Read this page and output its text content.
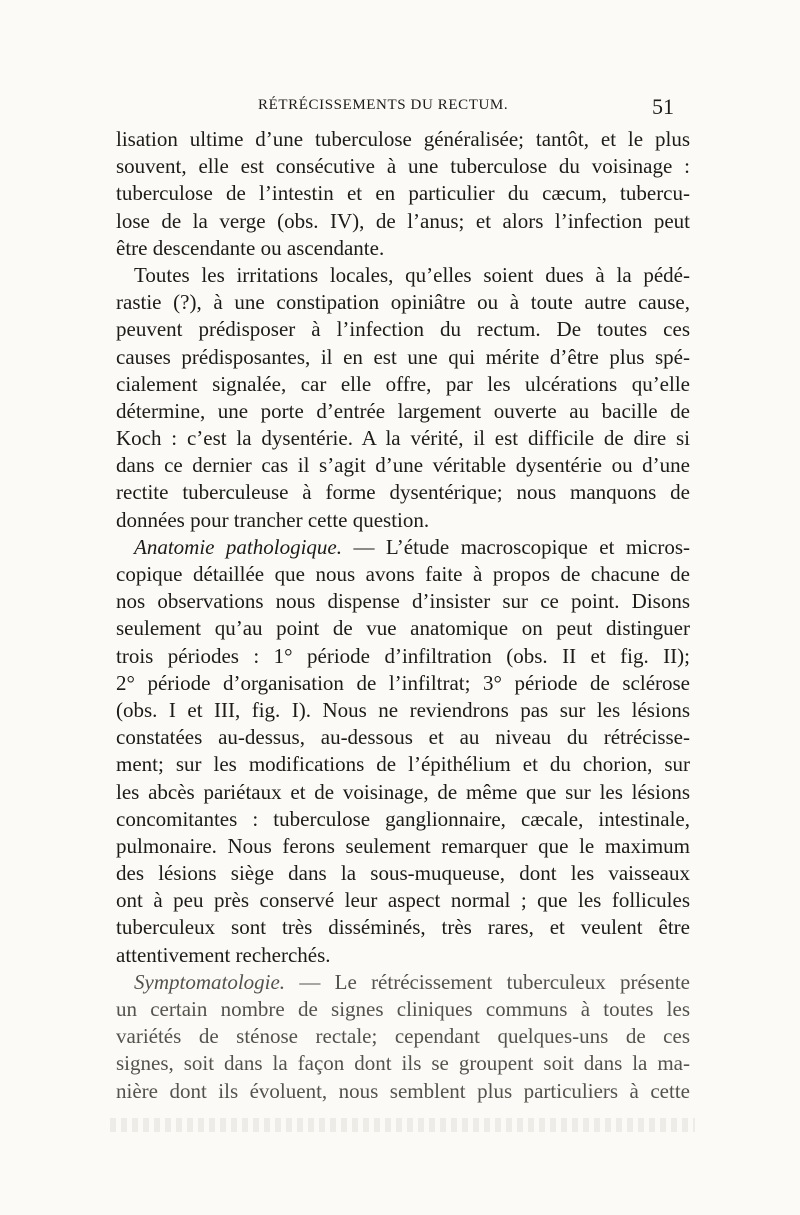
RÉTRÉCISSEMENTS DU RECTUM.	51
lisation ultime d’une tuberculose généralisée; tantôt, et le plus
souvent, elle est consécutive à une tuberculose du voisinage :
tuberculose de l’intestin et en particulier du cæcum, tubercu-
lose de la verge (obs. IV), de l’anus; et alors l’infection peut
être descendante ou ascendante.
Toutes les irritations locales, qu’elles soient dues à la pédé-
rastie (?), à une constipation opiniâtre ou à toute autre cause,
peuvent prédisposer à l’infection du rectum. De toutes ces
causes prédisposantes, il en est une qui mérite d’être plus spé-
cialement signalée, car elle offre, par les ulcérations qu’elle
détermine, une porte d’entrée largement ouverte au bacille de
Koch : c’est la dysentérie. A la vérité, il est difficile de dire si
dans ce dernier cas il s’agit d’une véritable dysentérie ou d’une
rectite tuberculeuse à forme dysentérique; nous manquons de
données pour trancher cette question.
Anatomie pathologique. — L’étude macroscopique et micros-
copique détaillée que nous avons faite à propos de chacune de
nos observations nous dispense d’insister sur ce point. Disons
seulement qu’au point de vue anatomique on peut distinguer
trois périodes : 1° période d’infiltration (obs. II et fig. II);
2° période d’organisation de l’infiltrat; 3° période de sclérose
(obs. I et III, fig. I). Nous ne reviendrons pas sur les lésions
constatées au-dessus, au-dessous et au niveau du rétrécisse-
ment; sur les modifications de l’épithélium et du chorion, sur
les abcès pariétaux et de voisinage, de même que sur les lésions
concomitantes : tuberculose ganglionnaire, cæcale, intestinale,
pulmonaire. Nous ferons seulement remarquer que le maximum
des lésions siège dans la sous-muqueuse, dont les vaisseaux
ont à peu près conservé leur aspect normal ; que les follicules
tuberculeux sont très disséminés, très rares, et veulent être
attentivement recherchés.
Symptomatologie. — Le rétrécissement tuberculeux présente
un certain nombre de signes cliniques communs à toutes les
variétés de sténose rectale; cependant quelques-uns de ces
signes, soit dans la façon dont ils se groupent soit dans la ma-
nière dont ils évoluent, nous semblent plus particuliers à cette
